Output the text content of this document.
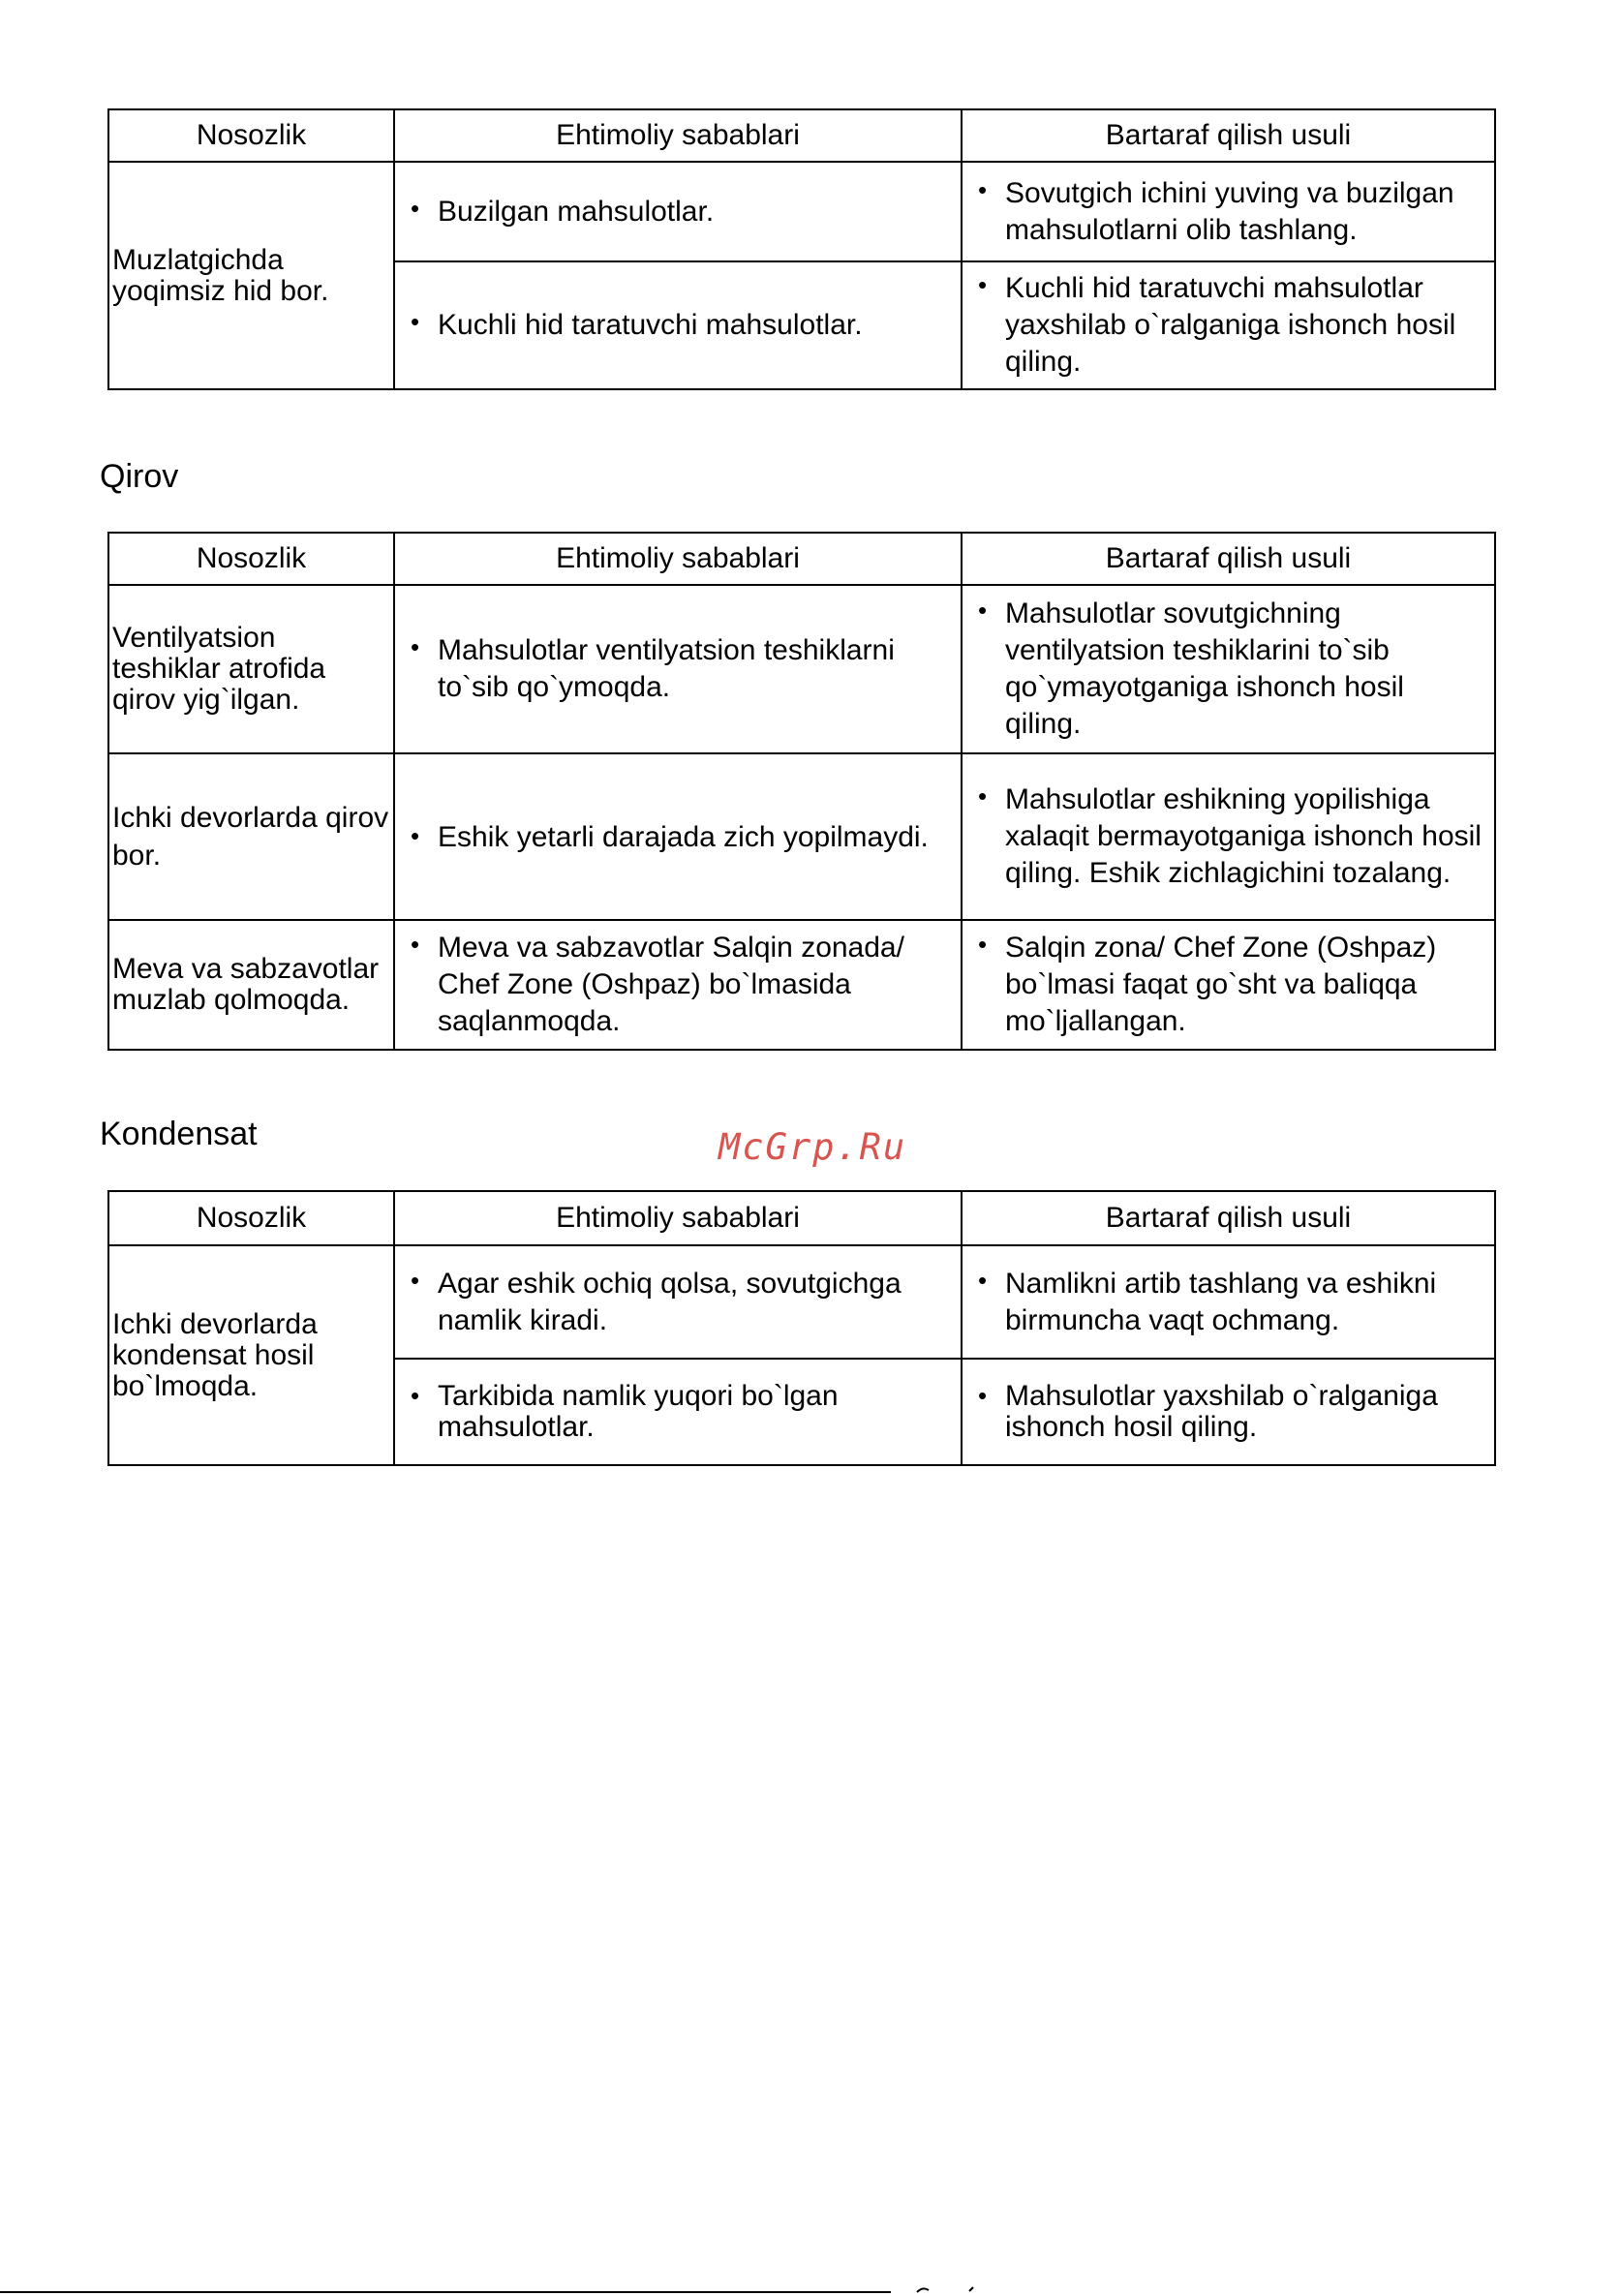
Nosozlik	Ehtimoliy sabablari	Bartaraf qilish usuli
Muzlatgichda yoqimsiz hid bor.	• Buzilgan mahsulotlar.	• Sovutgich ichini yuving va buzilgan mahsulotlarni olib tashlang.

	• Kuchli hid taratuvchi mahsulotlar.	• Kuchli hid taratuvchi mahsulotlar yaxshilab o`ralganiga ishonch hosil qiling.
Qirov
Nosozlik	Ehtimoliy sabablari	Bartaraf qilish usuli
Ventilyatsion teshiklar atrofida qirov yig`ilgan.	• Mahsulotlar ventilyatsion teshiklarni to`sib qo`ymoqda.	• Mahsulotlar sovutgichning ventilyatsion teshiklarini to`sib qo`ymayotganiga ishonch hosil qiling.

Ichki devorlarda qirov bor.	• Eshik yetarli darajada zich yopilmaydi.	• Mahsulotlar eshikning yopilishiga xalaqit bermayotganiga ishonch hosil qiling. Eshik zichlagichini tozalang.

Meva va sabzavotlar muzlab qolmoqda.	• Meva va sabzavotlar Salqin zonada/ Chef Zone (Oshpaz) bo`lmasida saqlanmoqda.	• Salqin zona/ Chef Zone (Oshpaz) bo`lmasi faqat go`sht va baliqqa mo`ljallangan.
Kondensat	McGrp.Ru
Nosozlik	Ehtimoliy sabablari	Bartaraf qilish usuli
Ichki devorlarda kondensat hosil bo`lmoqda.	• Agar eshik ochiq qolsa, sovutgichga namlik kiradi.	• Namlikni artib tashlang va eshikni birmuncha vaqt ochmang.

	• Tarkibida namlik yuqori bo`lgan mahsulotlar.	• Mahsulotlar yaxshilab o`ralganiga ishonch hosil qiling.
